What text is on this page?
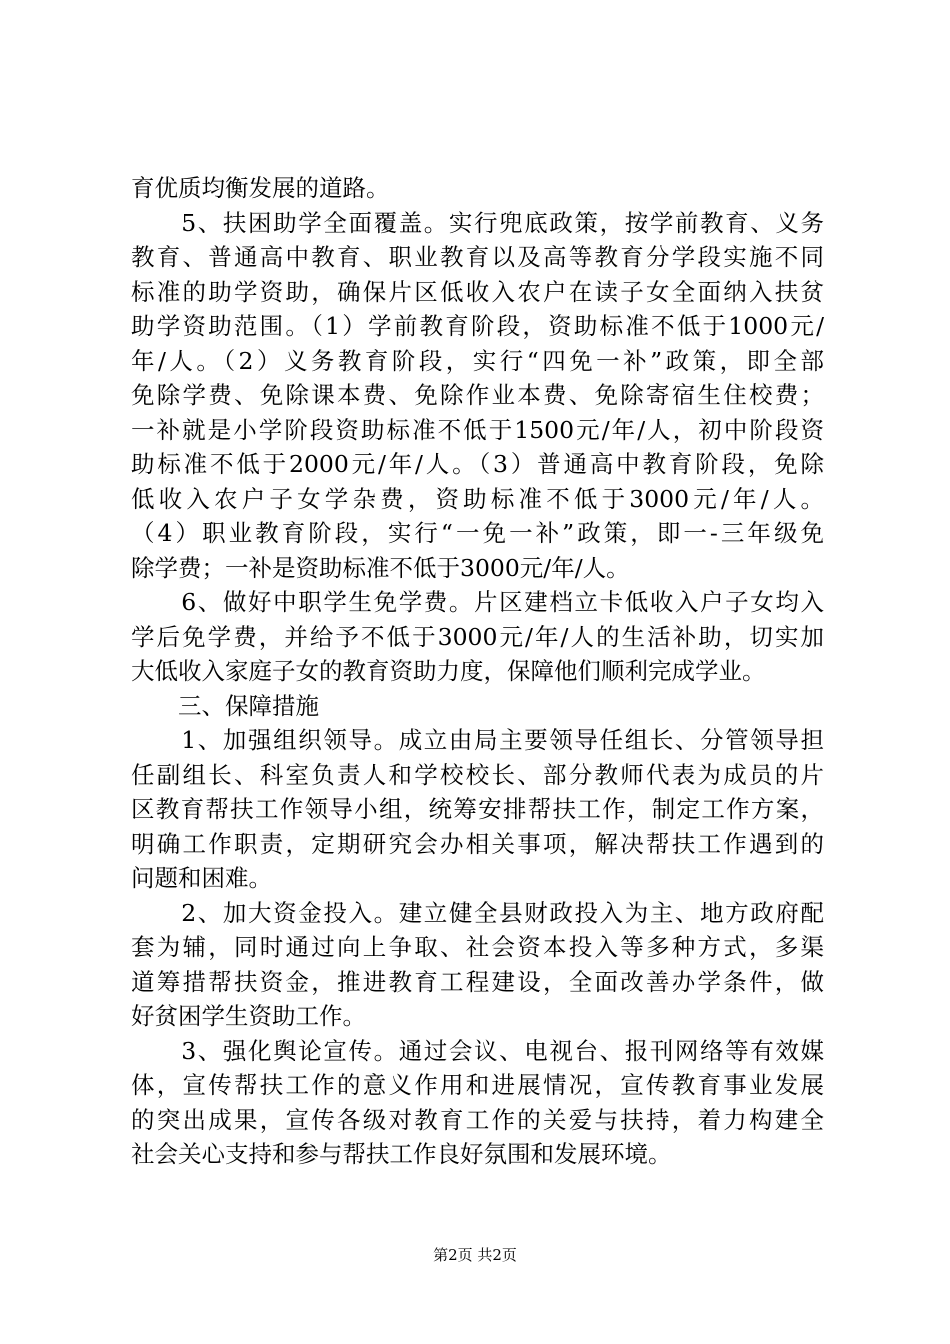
育优质均衡发展的道路。
　　5、扶困助学全面覆盖。实行兜底政策，按学前教育、义务
教育、普通高中教育、职业教育以及高等教育分学段实施不同
标准的助学资助，确保片区低收入农户在读子女全面纳入扶贫
助学资助范围。（1）学前教育阶段，资助标准不低于1000元/
年/人。（2）义务教育阶段，实行“四免一补”政策，即全部
免除学费、免除课本费、免除作业本费、免除寄宿生住校费；
一补就是小学阶段资助标准不低于1500元/年/人，初中阶段资
助标准不低于2000元/年/人。（3）普通高中教育阶段，免除
低收入农户子女学杂费，资助标准不低于3000元/年/人。
（4）职业教育阶段，实行“一免一补”政策，即一-三年级免
除学费；一补是资助标准不低于3000元/年/人。
　　6、做好中职学生免学费。片区建档立卡低收入户子女均入
学后免学费，并给予不低于3000元/年/人的生活补助，切实加
大低收入家庭子女的教育资助力度，保障他们顺利完成学业。
　　三、保障措施
　　1、加强组织领导。成立由局主要领导任组长、分管领导担
任副组长、科室负责人和学校校长、部分教师代表为成员的片
区教育帮扶工作领导小组，统筹安排帮扶工作，制定工作方案，
明确工作职责，定期研究会办相关事项，解决帮扶工作遇到的
问题和困难。
　　2、加大资金投入。建立健全县财政投入为主、地方政府配
套为辅，同时通过向上争取、社会资本投入等多种方式，多渠
道筹措帮扶资金，推进教育工程建设，全面改善办学条件，做
好贫困学生资助工作。
　　3、强化舆论宣传。通过会议、电视台、报刊网络等有效媒
体，宣传帮扶工作的意义作用和进展情况，宣传教育事业发展
的突出成果，宣传各级对教育工作的关爱与扶持，着力构建全
社会关心支持和参与帮扶工作良好氛围和发展环境。
第2页 共2页
